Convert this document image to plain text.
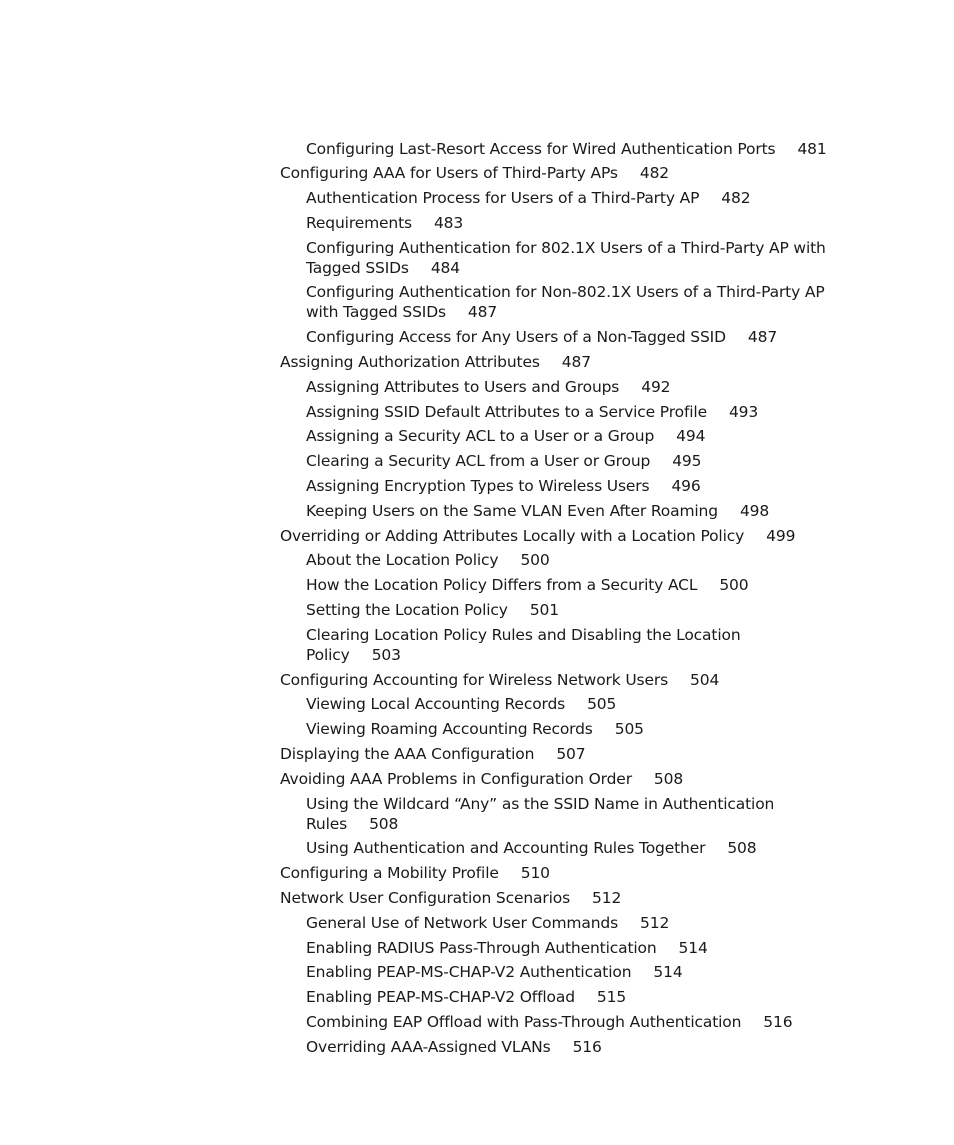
Configuring Last-Resort Access for Wired Authentication Ports 481
Configuring AAA for Users of Third-Party APs 482
Authentication Process for Users of a Third-Party AP 482
Requirements 483
Configuring Authentication for 802.1X Users of a Third-Party AP with Tagged SSIDs 484
Configuring Authentication for Non-802.1X Users of a Third-Party AP with Tagged SSIDs 487
Configuring Access for Any Users of a Non-Tagged SSID 487
Assigning Authorization Attributes 487
Assigning Attributes to Users and Groups 492
Assigning SSID Default Attributes to a Service Profile 493
Assigning a Security ACL to a User or a Group 494
Clearing a Security ACL from a User or Group 495
Assigning Encryption Types to Wireless Users 496
Keeping Users on the Same VLAN Even After Roaming 498
Overriding or Adding Attributes Locally with a Location Policy 499
About the Location Policy 500
How the Location Policy Differs from a Security ACL 500
Setting the Location Policy 501
Clearing Location Policy Rules and Disabling the Location Policy 503
Configuring Accounting for Wireless Network Users 504
Viewing Local Accounting Records 505
Viewing Roaming Accounting Records 505
Displaying the AAA Configuration 507
Avoiding AAA Problems in Configuration Order 508
Using the Wildcard “Any” as the SSID Name in Authentication Rules 508
Using Authentication and Accounting Rules Together 508
Configuring a Mobility Profile 510
Network User Configuration Scenarios 512
General Use of Network User Commands 512
Enabling RADIUS Pass-Through Authentication 514
Enabling PEAP-MS-CHAP-V2 Authentication 514
Enabling PEAP-MS-CHAP-V2 Offload 515
Combining EAP Offload with Pass-Through Authentication 516
Overriding AAA-Assigned VLANs 516
